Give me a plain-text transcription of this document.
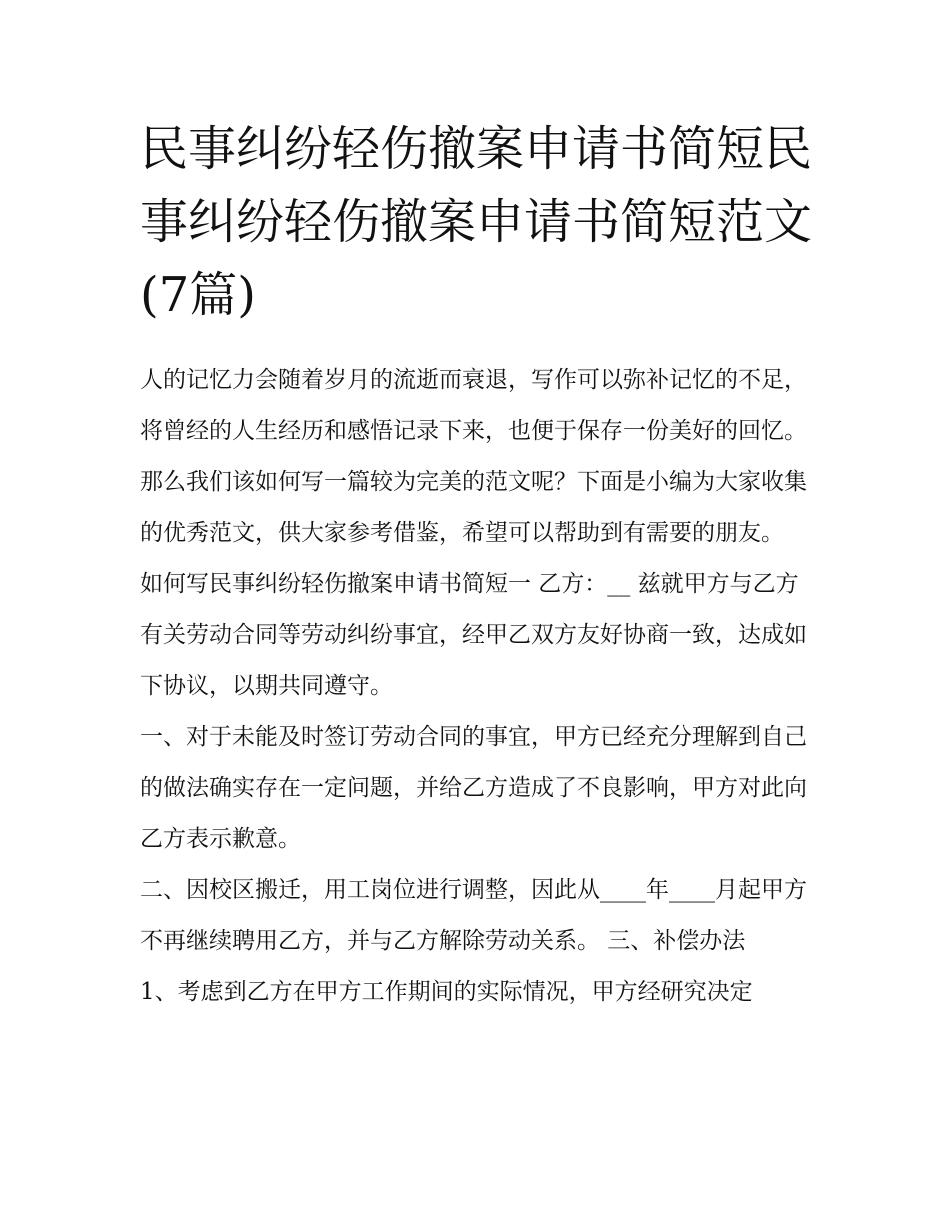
民事纠纷轻伤撤案申请书简短民事纠纷轻伤撤案申请书简短范文(7篇)

人的记忆力会随着岁月的流逝而衰退，写作可以弥补记忆的不足，将曾经的人生经历和感悟记录下来，也便于保存一份美好的回忆。那么我们该如何写一篇较为完美的范文呢？下面是小编为大家收集的优秀范文，供大家参考借鉴，希望可以帮助到有需要的朋友。

如何写民事纠纷轻伤撤案申请书简短一 乙方：__ 兹就甲方与乙方有关劳动合同等劳动纠纷事宜，经甲乙双方友好协商一致，达成如下协议，以期共同遵守。

一、对于未能及时签订劳动合同的事宜，甲方已经充分理解到自己的做法确实存在一定问题，并给乙方造成了不良影响，甲方对此向乙方表示歉意。

二、因校区搬迁，用工岗位进行调整，因此从____年____月起甲方不再继续聘用乙方，并与乙方解除劳动关系。 三、补偿办法

1、考虑到乙方在甲方工作期间的实际情况，甲方经研究决定
